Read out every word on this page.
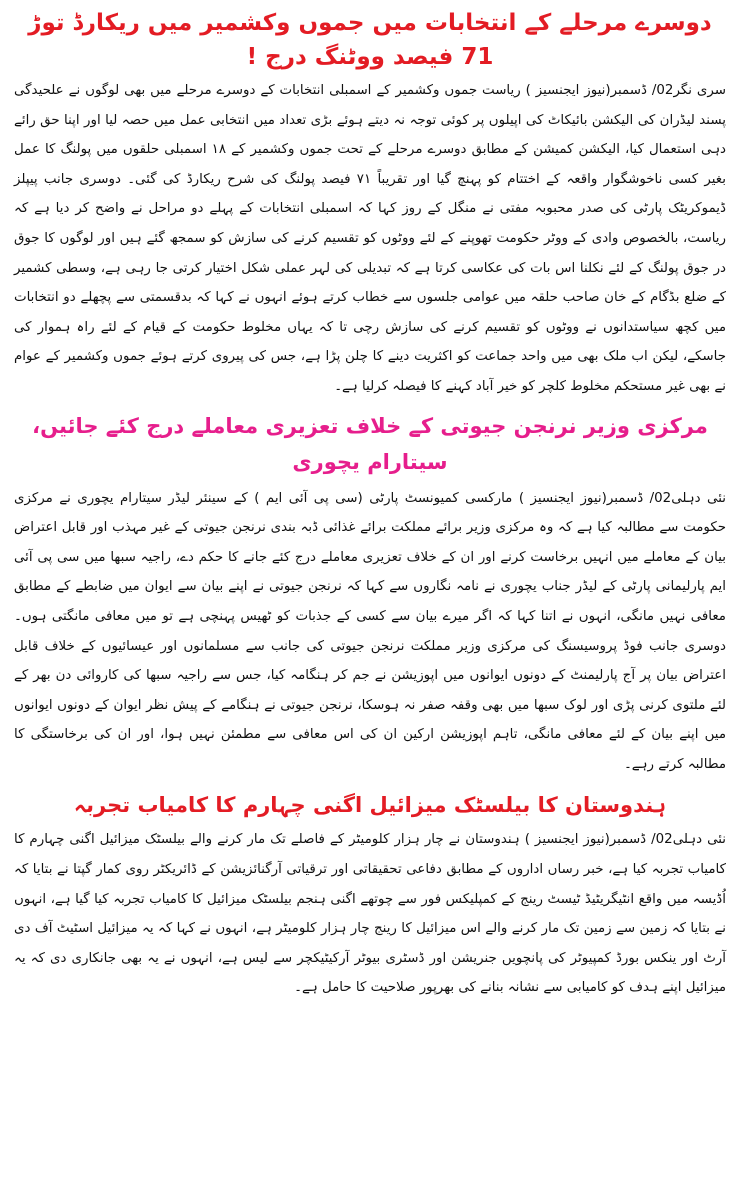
دوسرے مرحلے کے انتخابات میں جموں وکشمیر میں ریکارڈ توڑ 71 فیصد ووٹنگ درج !

سری نگر02/ ڈسمبر(نیوز ایجنسیز ) ریاست جموں وکشمیر کے اسمبلی انتخابات کے دوسرے مرحلے میں بھی لوگوں نے علحیدگی پسند لیڈران کی الیکشن بائیکاٹ کی اپیلوں پر کوئی توجہ نہ دیتے ہوئے بڑی تعداد میں انتخابی عمل میں حصہ لیا اور اپنا حق رائے دہی استعمال کیا، الیکشن کمیشن کے مطابق دوسرے مرحلے کے تحت جموں وکشمیر کے ۱۸ اسمبلی حلقوں میں پولنگ کا عمل بغیر کسی ناخوشگوار واقعہ کے اختتام کو پہنچ گیا اور تقریباً ۷۱ فیصد پولنگ کی شرح ریکارڈ کی گئی۔ دوسری جانب پیپلز ڈیموکریٹک پارٹی کی صدر محبوبہ مفتی نے منگل کے روز کہا کہ اسمبلی انتخابات کے پہلے دو مراحل نے واضح کر دیا ہے کہ ریاست، بالخصوص وادی کے ووٹر حکومت تھوپنے کے لئے ووٹوں کو تقسیم کرنے کی سازش کو سمجھ گئے ہیں اور لوگوں کا جوق در جوق پولنگ کے لئے نکلنا اس بات کی عکاسی کرتا ہے کہ تبدیلی کی لہر عملی شکل اختیار کرتی جا رہی ہے، وسطی کشمیر کے ضلع بڈگام کے خان صاحب حلقہ میں عوامی جلسوں سے خطاب کرتے ہوئے انہوں نے کہا کہ بدقسمتی سے پچھلے دو انتخابات میں کچھ سیاستدانوں نے ووٹوں کو تقسیم کرنے کی سازش رچی تا کہ یہاں مخلوط حکومت کے قیام کے لئے راہ ہموار کی جاسکے، لیکن اب ملک بھی میں واحد جماعت کو اکثریت دینے کا چلن پڑا ہے، جس کی پیروی کرتے ہوئے جموں وکشمیر کے عوام نے بھی غیر مستحکم مخلوط کلچر کو خیر آباد کہنے کا فیصلہ کرلیا ہے۔

مرکزی وزیر نرنجن جیوتی کے خلاف تعزیری معاملے درج کئے جائیں، سیتارام یچوری

نئی دہلی02/ ڈسمبر(نیوز ایجنسیز ) مارکسی کمیونسٹ پارٹی (سی پی آئی ایم ) کے سینئر لیڈر سیتارام یچوری نے مرکزی حکومت سے مطالبہ کیا ہے کہ وہ مرکزی وزیر برائے مملکت برائے غذائی ڈبہ بندی نرنجن جیوتی کے غیر مہذب اور قابل اعتراض بیان کے معاملے میں انہیں برخاست کرنے اور ان کے خلاف تعزیری معاملے درج کئے جانے کا حکم دے، راجیہ سبھا میں سی پی آئی ایم پارلیمانی پارٹی کے لیڈر جناب یچوری نے نامہ نگاروں سے کہا کہ نرنجن جیوتی نے اپنے بیان سے ایوان میں ضابطے کے مطابق معافی نہیں مانگی، انہوں نے اتنا کہا کہ اگر میرے بیان سے کسی کے جذبات کو ٹھیس پہنچی ہے تو میں معافی مانگتی ہوں۔ دوسری جانب فوڈ پروسیسنگ کی مرکزی وزیر مملکت نرنجن جیوتی کی جانب سے مسلمانوں اور عیسائیوں کے خلاف قابل اعتراض بیان پر آج پارلیمنٹ کے دونوں ایوانوں میں اپوزیشن نے جم کر ہنگامہ کیا، جس سے راجیہ سبھا کی کاروائی دن بھر کے لئے ملتوی کرنی پڑی اور لوک سبھا میں بھی وقفہ صفر نہ ہوسکا، نرنجن جیوتی نے ہنگامے کے پیش نظر ایوان کے دونوں ایوانوں میں اپنے بیان کے لئے معافی مانگی، تاہم اپوزیشن ارکین ان کی اس معافی سے مطمئن نہیں ہوا، اور ان کی برخاستگی کا مطالبہ کرتے رہے۔

ہندوستان کا بیلسٹک میزائیل اگنی چہارم کا کامیاب تجربہ

نئی دہلی02/ ڈسمبر(نیوز ایجنسیز ) ہندوستان نے چار ہزار کلومیٹر کے فاصلے تک مار کرنے والے بیلسٹک میزائیل اگنی چہارم کا کامیاب تجربہ کیا ہے، خبر رساں اداروں کے مطابق دفاعی تحقیقاتی اور ترقیاتی آرگنائزیشن کے ڈائریکٹر روی کمار گپتا نے بتایا کہ اُڈیسہ میں واقع انٹیگریٹیڈ ٹیسٹ رینج کے کمپلیکس فور سے چوتھے اگنی ہنجم بیلسٹک میزائیل کا کامیاب تجربہ کیا گیا ہے، انہوں نے بتایا کہ زمین سے زمین تک مار کرنے والے اس میزائیل کا رینج چار ہزار کلومیٹر ہے، انہوں نے کہا کہ یہ میزائیل اسٹیٹ آف دی آرٹ اور ینکس بورڈ کمپیوٹر کی پانچویں جنریشن اور ڈسٹری بیوٹر آرکیٹیکچر سے لیس ہے، انہوں نے یہ بھی جانکاری دی کہ یہ میزائیل اپنے ہدف کو کامیابی سے نشانہ بنانے کی بھرپور صلاحیت کا حامل ہے۔
